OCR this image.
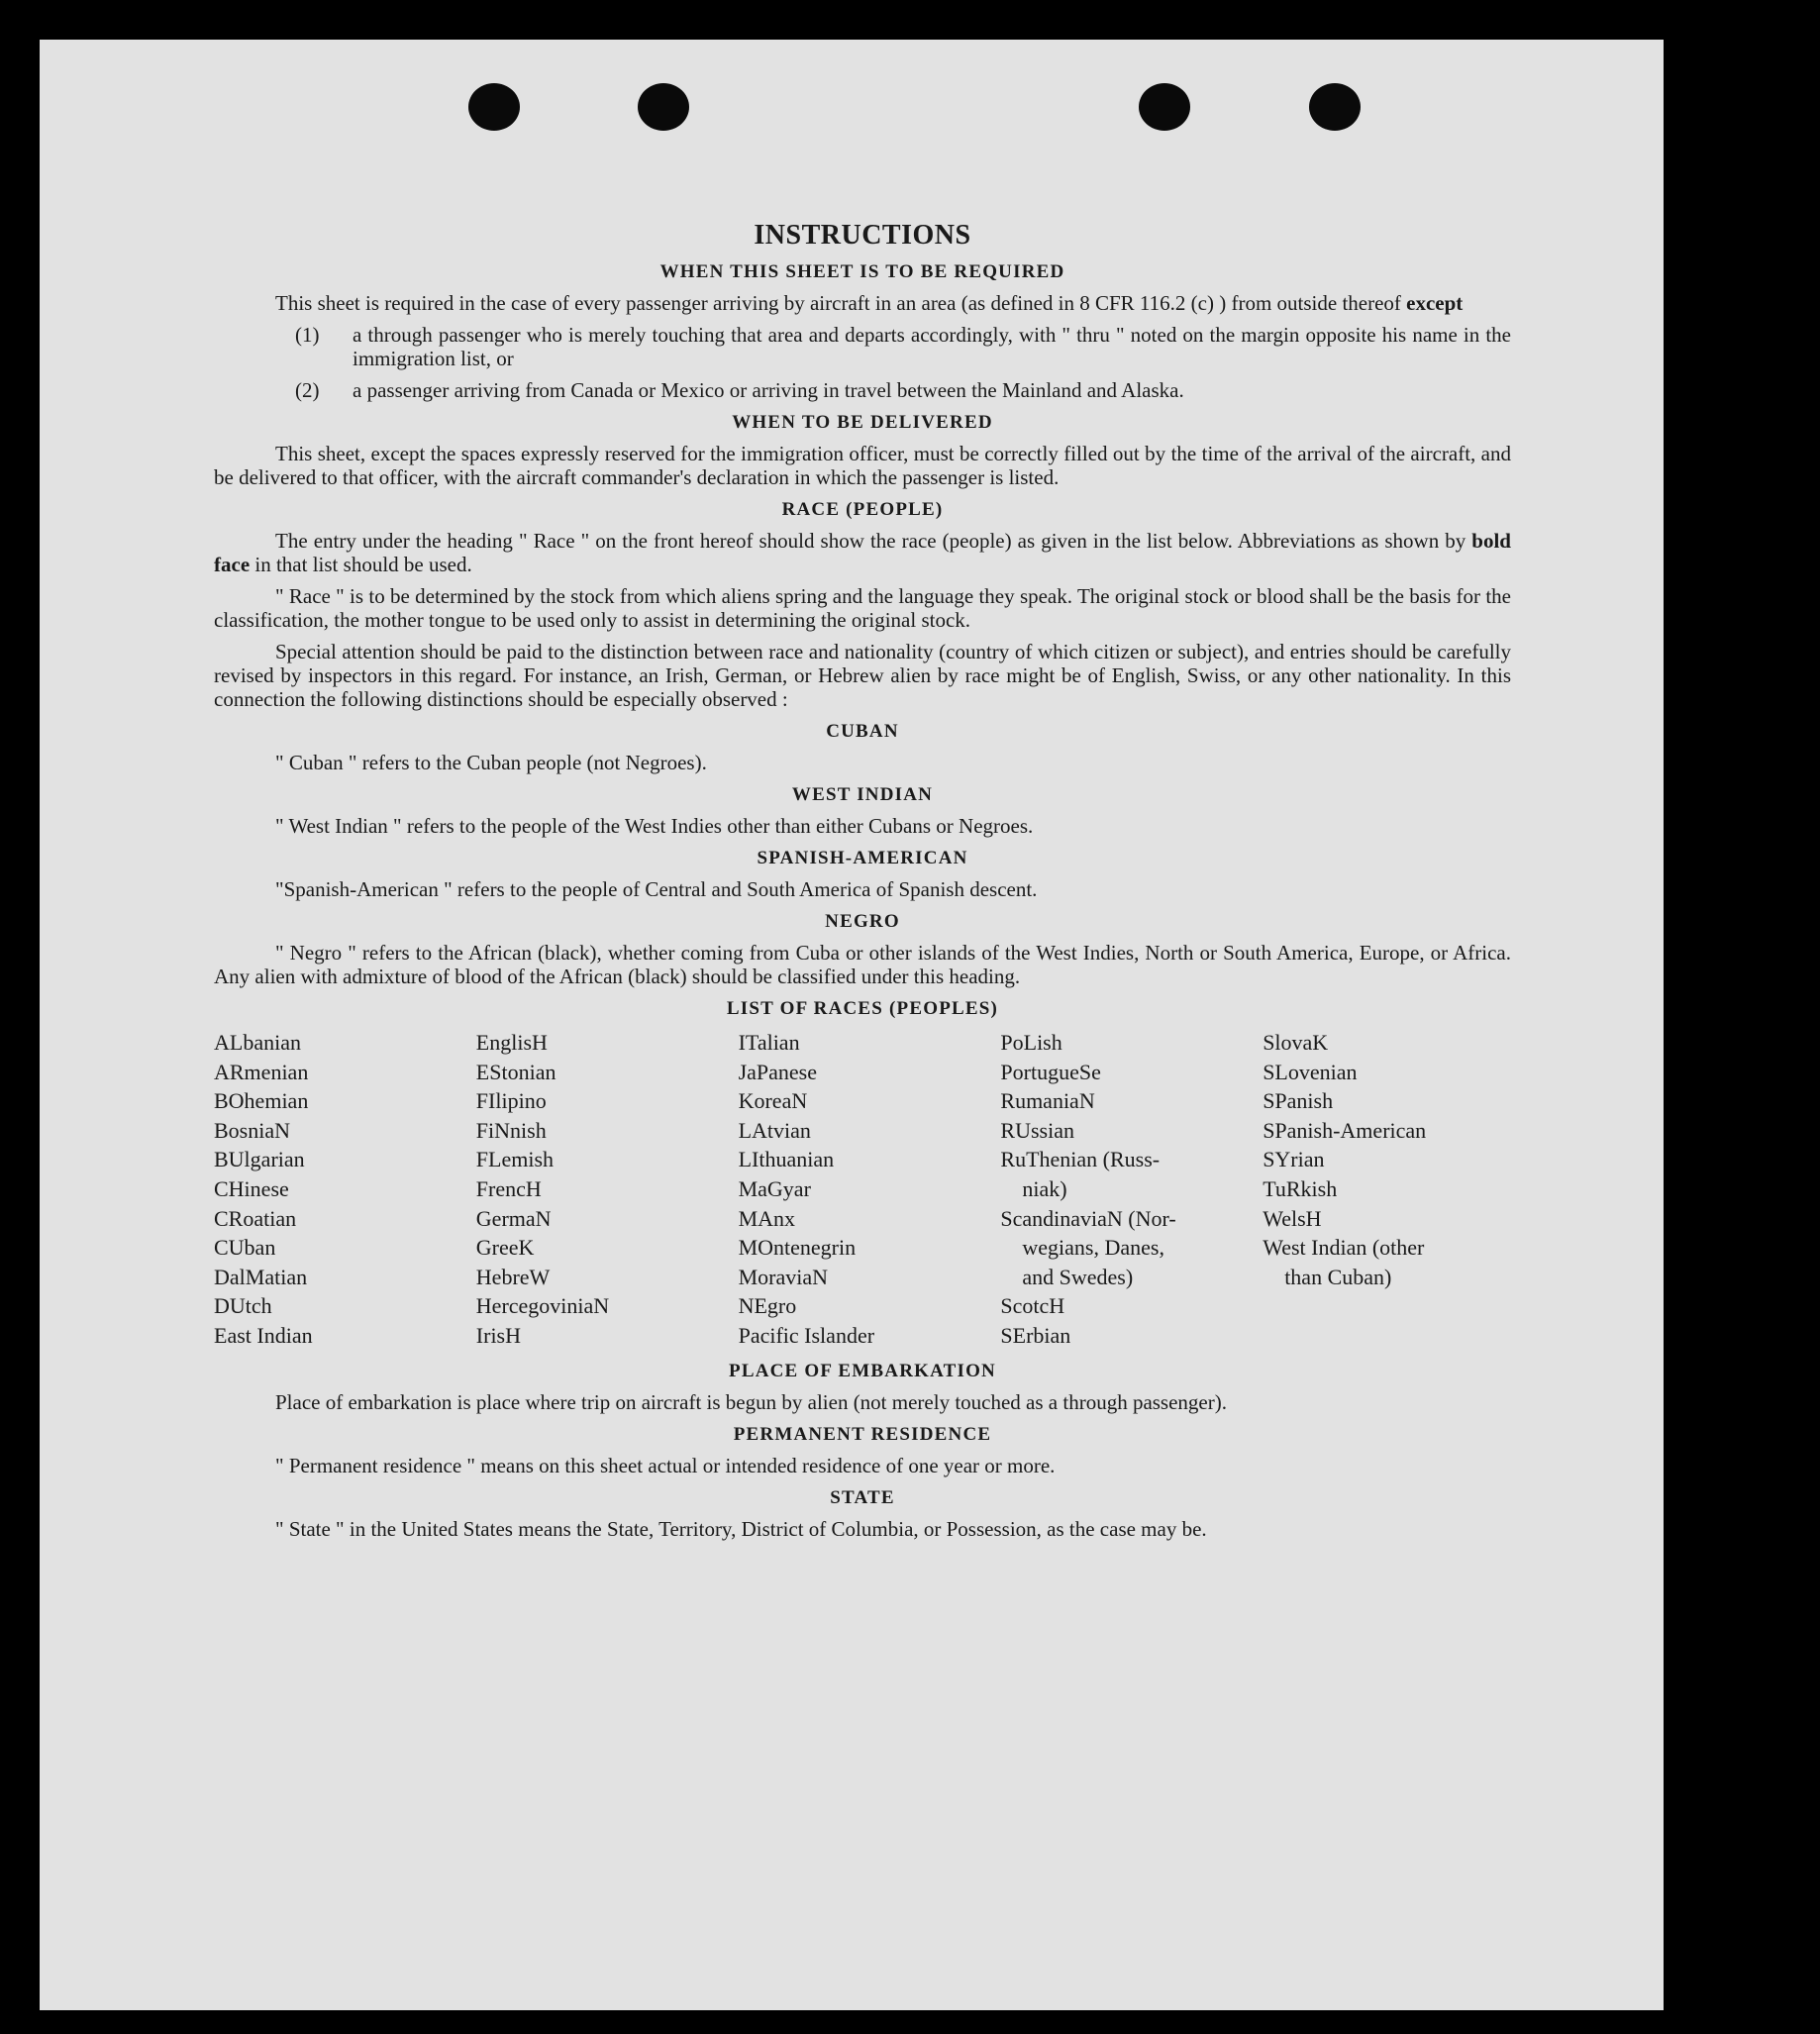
INSTRUCTIONS
WHEN THIS SHEET IS TO BE REQUIRED

This sheet is required in the case of every passenger arriving by aircraft in an area (as defined in 8 CFR 116.2 (c) ) from outside thereof except

(1) a through passenger who is merely touching that area and departs accordingly, with " thru " noted on the margin opposite his name in the immigration list, or
(2) a passenger arriving from Canada or Mexico or arriving in travel between the Mainland and Alaska.
WHEN TO BE DELIVERED

This sheet, except the spaces expressly reserved for the immigration officer, must be correctly filled out by the time of the arrival of the aircraft, and be delivered to that officer, with the aircraft commander's declaration in which the passenger is listed.

RACE (PEOPLE)

The entry under the heading " Race " on the front hereof should show the race (people) as given in the list below. Abbreviations as shown by bold face in that list should be used.

" Race " is to be determined by the stock from which aliens spring and the language they speak. The original stock or blood shall be the basis for the classification, the mother tongue to be used only to assist in determining the original stock.

Special attention should be paid to the distinction between race and nationality (country of which citizen or subject), and entries should be carefully revised by inspectors in this regard. For instance, an Irish, German, or Hebrew alien by race might be of English, Swiss, or any other nationality. In this connection the following distinctions should be especially observed :

CUBAN

" Cuban " refers to the Cuban people (not Negroes).

WEST INDIAN

" West Indian " refers to the people of the West Indies other than either Cubans or Negroes.

SPANISH-AMERICAN

"Spanish-American " refers to the people of Central and South America of Spanish descent.

NEGRO

" Negro " refers to the African (black), whether coming from Cuba or other islands of the West Indies, North or South America, Europe, or Africa. Any alien with admixture of blood of the African (black) should be classified under this heading.

LIST OF RACES (PEOPLES)
ALbanian
ARmenian
BOhemian
BosniaN
BUlgarian
CHinese
CRoatian
CUban
DalMatian
DUtch
East Indian
EnglisH
EStonian
FIlipino
FiNnish
FLemish
FrencH
GermaN
GreeK
HebreW
HercegoviniaN
IrisH
ITalian
JaPanese
KoreaN
LAtvian
LIthuanian
MaGyar
MAnx
MOntenegrin
MoraviaN
NEgro
Pacific Islander
PoLish
PortugueSe
RumaniaN
RUssian
RuThenian (Russ-
 niak)
ScandinaviaN (Nor-
 wegians, Danes,
 and Swedes)
ScotcH
SErbian
SlovaK
SLovenian
SPanish
SPanish-American
SYrian
TuRkish
WelsH
West Indian (other
 than Cuban)
PLACE OF EMBARKATION

Place of embarkation is place where trip on aircraft is begun by alien (not merely touched as a through passenger).

PERMANENT RESIDENCE

" Permanent residence " means on this sheet actual or intended residence of one year or more.

STATE

" State " in the United States means the State, Territory, District of Columbia, or Possession, as the case may be.
